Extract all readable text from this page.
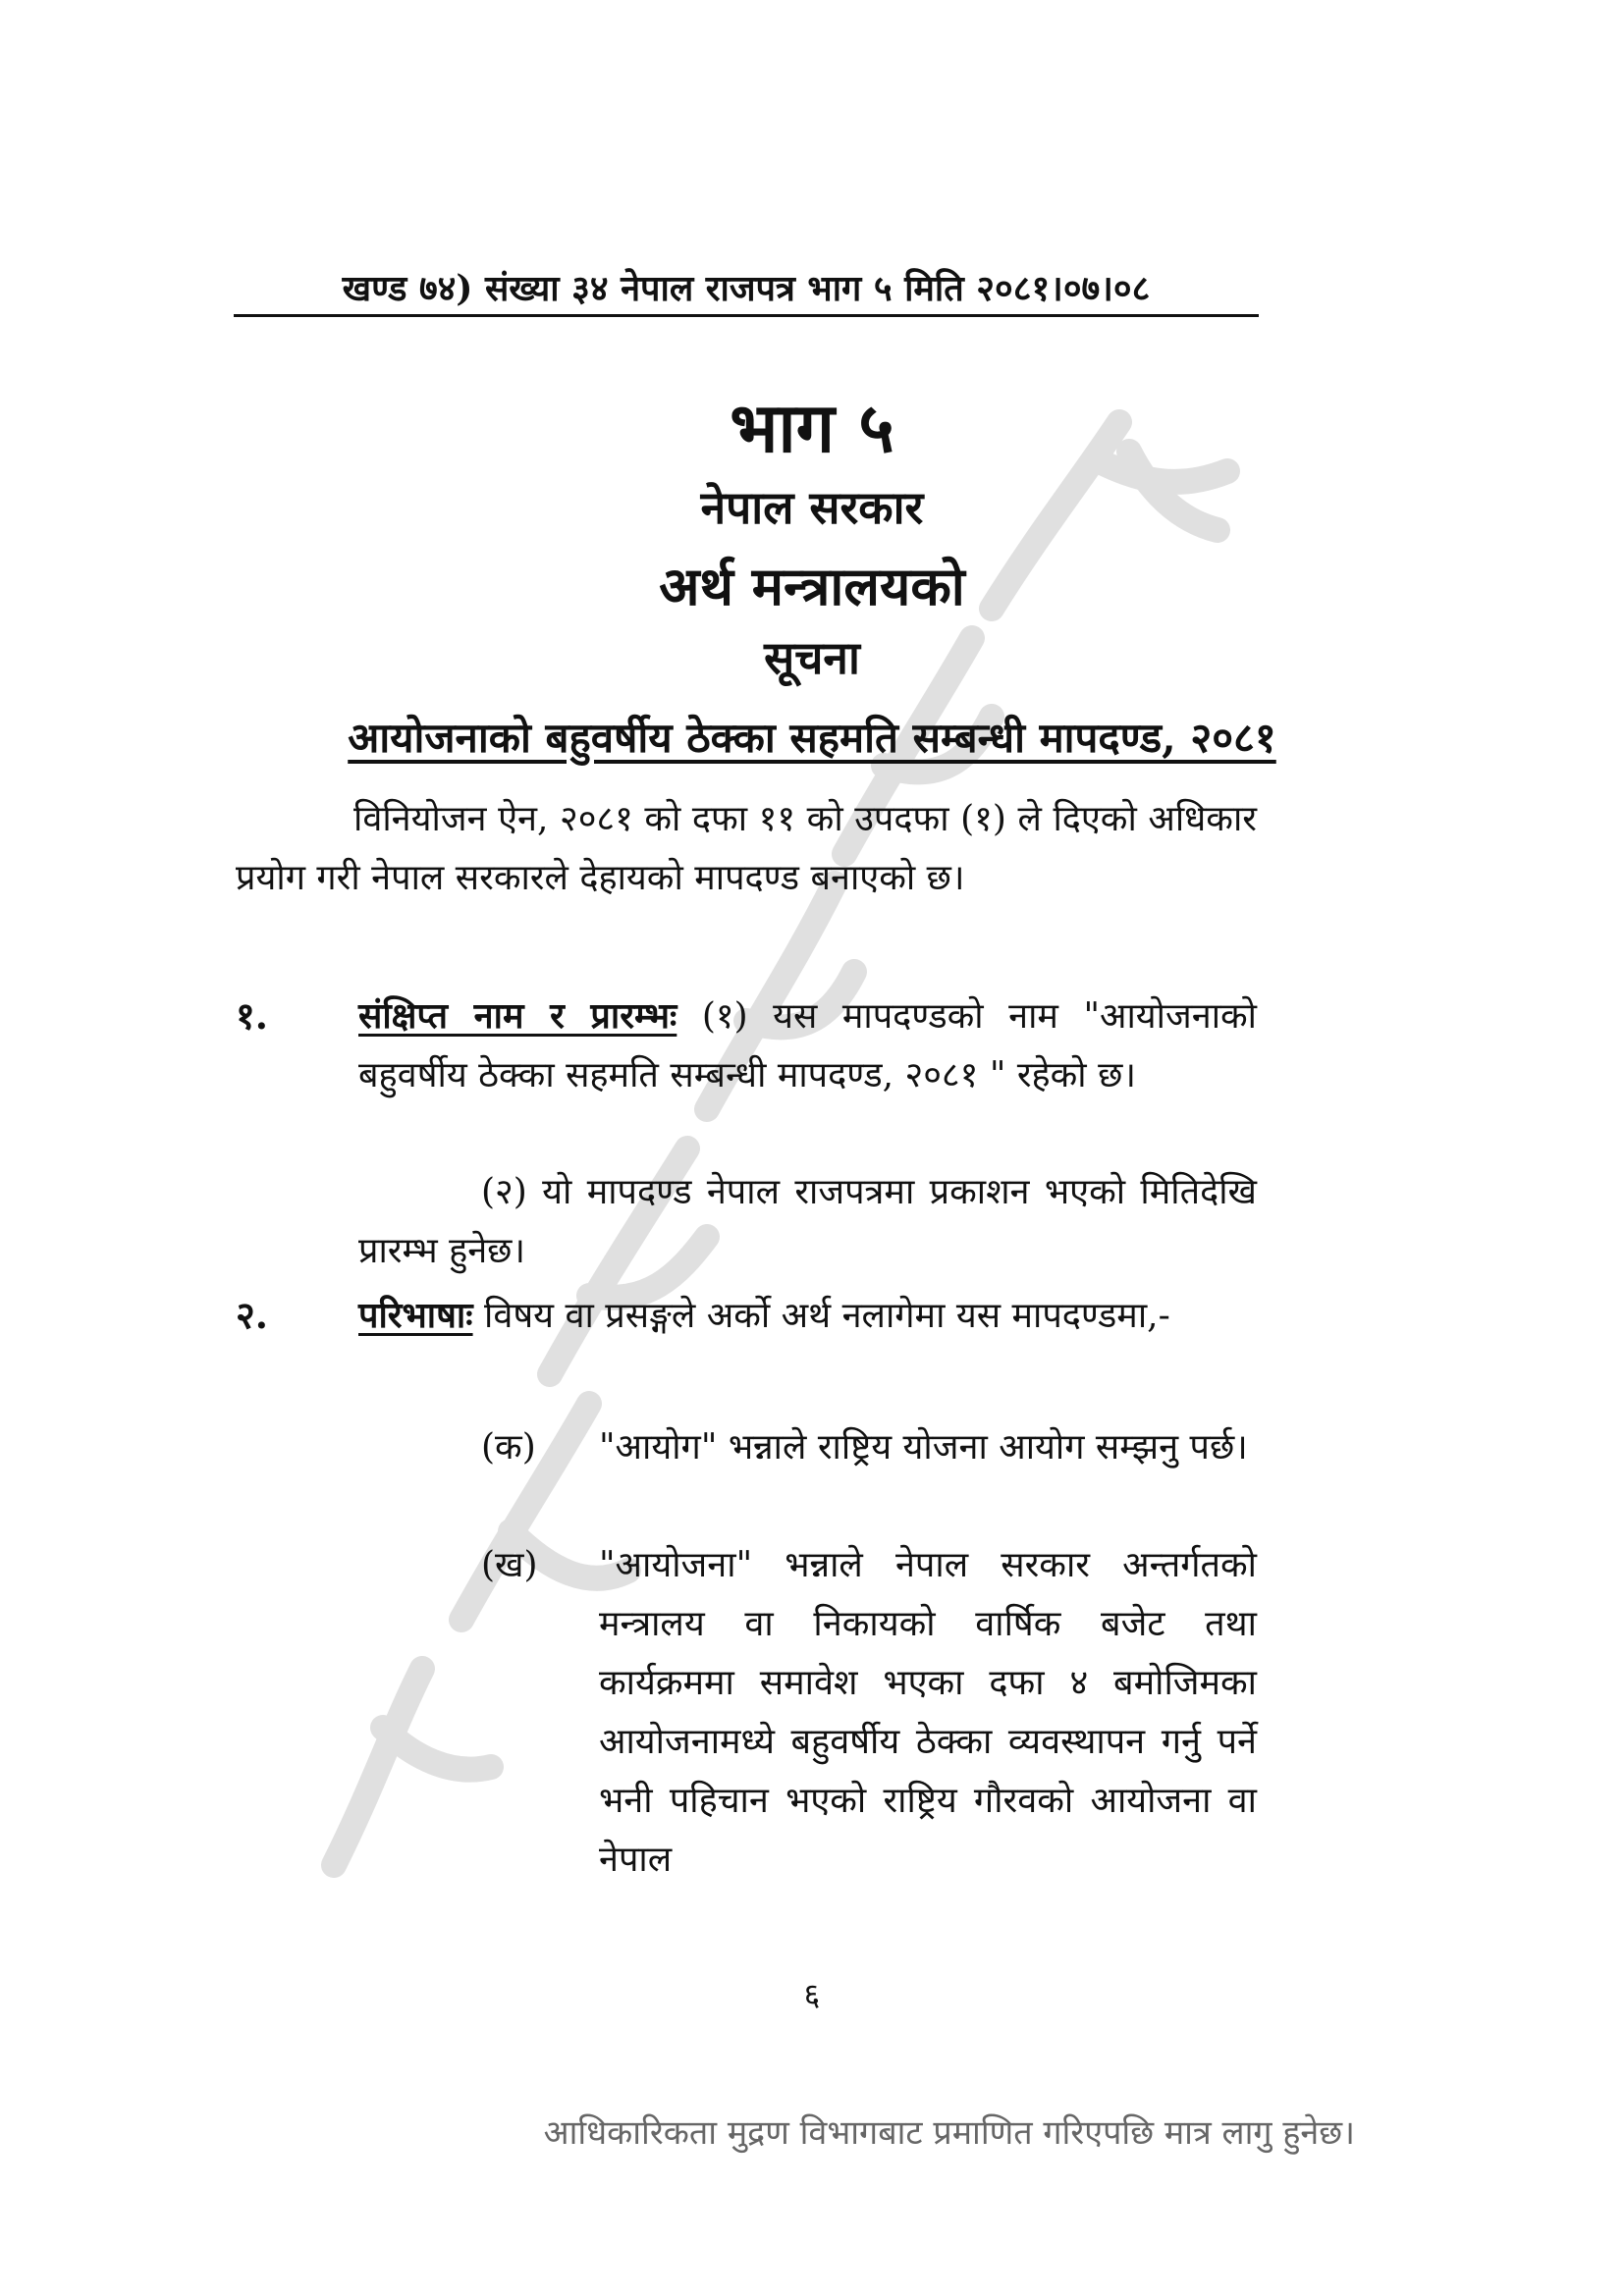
खण्ड ७४) संख्या ३४ नेपाल राजपत्र भाग ५ मिति २०८१।०७।०८
भाग ५
नेपाल सरकार
अर्थ मन्त्रालयको
सूचना
आयोजनाको बहुवर्षीय ठेक्का सहमति सम्बन्धी मापदण्ड, २०८१
विनियोजन ऐन, २०८१ को दफा ११ को उपदफा (१) ले दिएको अधिकार प्रयोग गरी नेपाल सरकारले देहायको मापदण्ड बनाएको छ।
१.	संक्षिप्त नाम र प्रारम्भः (१) यस मापदण्डको नाम "आयोजनाको बहुवर्षीय ठेक्का सहमति सम्बन्धी मापदण्ड, २०८१ " रहेको छ।
(२) यो मापदण्ड नेपाल राजपत्रमा प्रकाशन भएको मितिदेखि प्रारम्भ हुनेछ।
२.	परिभाषाः विषय वा प्रसङ्गले अर्को अर्थ नलागेमा यस मापदण्डमा,-
(क) "आयोग" भन्नाले राष्ट्रिय योजना आयोग सम्झनु पर्छ।
(ख) "आयोजना" भन्नाले नेपाल सरकार अन्तर्गतको मन्त्रालय वा निकायको वार्षिक बजेट तथा कार्यक्रममा समावेश भएका दफा ४ बमोजिमका आयोजनामध्ये बहुवर्षीय ठेक्का व्यवस्थापन गर्नु पर्ने भनी पहिचान भएको राष्ट्रिय गौरवको आयोजना वा नेपाल
६
आधिकारिकता मुद्रण विभागबाट प्रमाणित गरिएपछि मात्र लागु हुनेछ।
